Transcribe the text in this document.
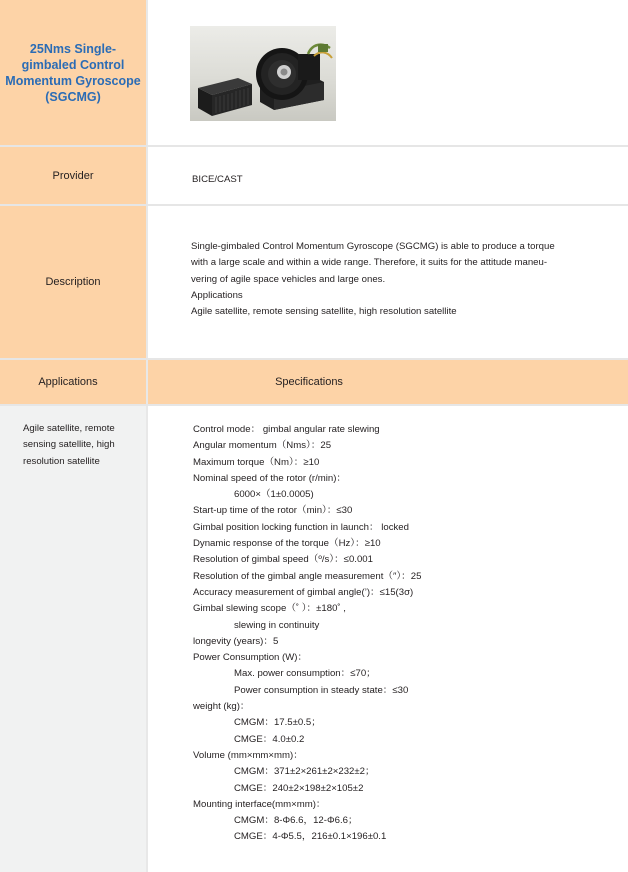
25Nms Single-gimbaled Control Momentum Gyroscope (SGCMG)
Provider	BICE/CAST
Description
Single-gimbaled Control Momentum Gyroscope (SGCMG) is able to produce a torque
with a large scale and within a wide range. Therefore, it suits for the attitude maneu-
vering of agile space vehicles and large ones.
Applications
Agile satellite, remote sensing satellite, high resolution satellite
Applications	Specifications
Agile satellite, remote
sensing satellite, high
resolution satellite
Control mode： gimbal angular rate slewing
Angular momentum（Nms）：25
Maximum torque（Nm）：≥10
Nominal speed of the rotor (r/min)：
6000×（1±0.0005)
Start-up time of the rotor（min）：≤30
Gimbal position locking function in launch： locked
Dynamic response of the torque（Hz）：≥10
Resolution of gimbal speed（º/s）：≤0.001
Resolution of the gimbal angle measurement（″）：25
Accuracy measurement of gimbal angle(’)：≤15(3σ)
Gimbal slewing scope（˚ ）：±180˚ ,
slewing in continuity
longevity (years)：5
Power Consumption (W)：
Max. power consumption：≤70；
Power consumption in steady state：≤30
weight (kg)：
CMGM：17.5±0.5；
CMGE：4.0±0.2
Volume (mm×mm×mm)：
CMGM：371±2×261±2×232±2；
CMGE：240±2×198±2×105±2
Mounting interface(mm×mm)：
CMGM：8-Φ6.6，12-Φ6.6；
CMGE：4-Φ5.5，216±0.1×196±0.1
